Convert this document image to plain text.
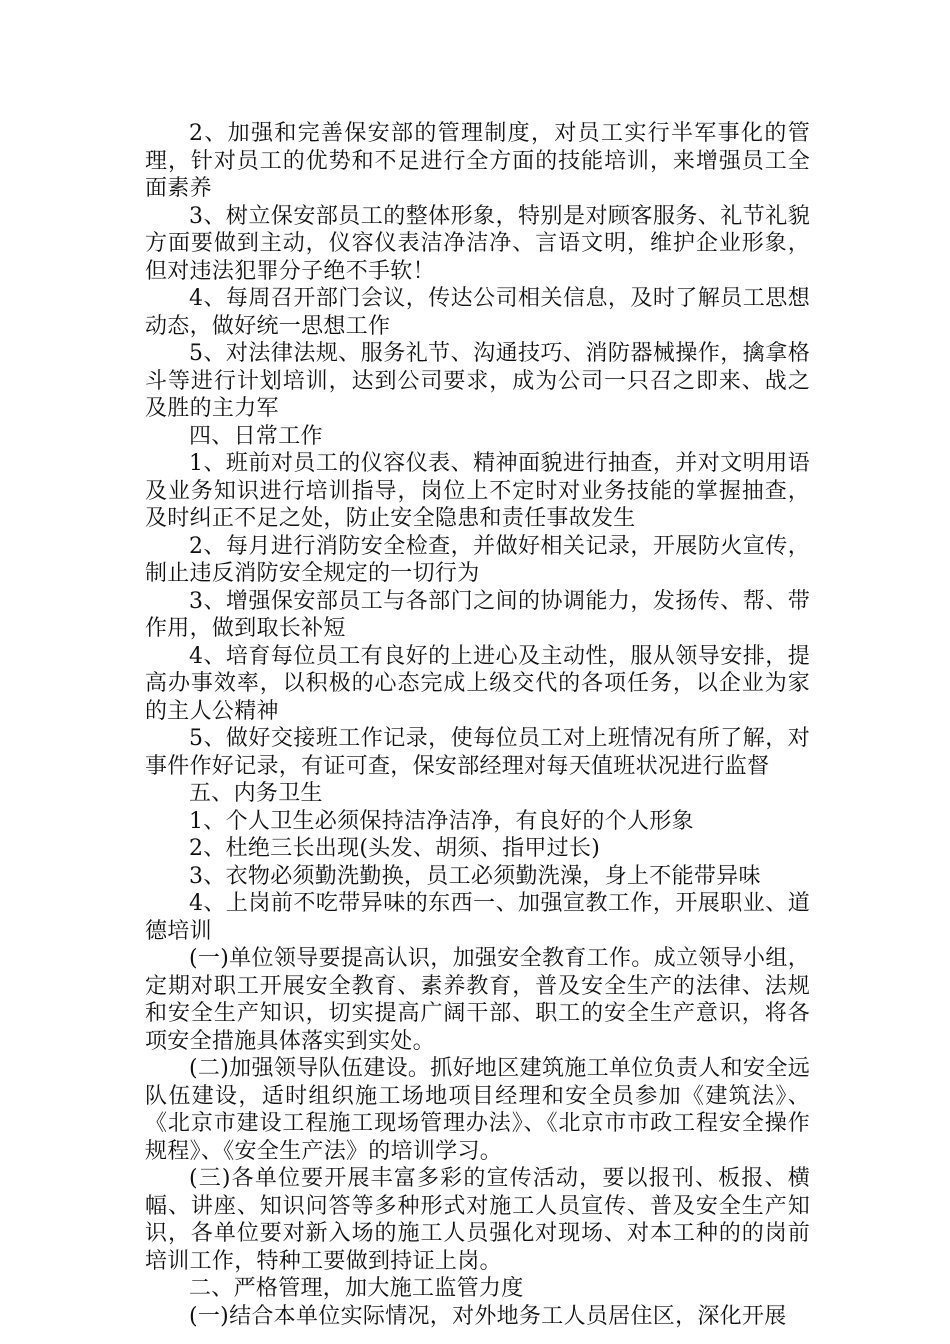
2、加强和完善保安部的管理制度，对员工实行半军事化的管理，针对员工的优势和不足进行全方面的技能培训，来增强员工全面素养

3、树立保安部员工的整体形象，特别是对顾客服务、礼节礼貌方面要做到主动，仪容仪表洁净洁净、言语文明，维护企业形象，但对违法犯罪分子绝不手软！

4、每周召开部门会议，传达公司相关信息，及时了解员工思想动态，做好统一思想工作

5、对法律法规、服务礼节、沟通技巧、消防器械操作，擒拿格斗等进行计划培训，达到公司要求，成为公司一只召之即来、战之及胜的主力军

四、日常工作

1、班前对员工的仪容仪表、精神面貌进行抽查，并对文明用语及业务知识进行培训指导，岗位上不定时对业务技能的掌握抽查，及时纠正不足之处，防止安全隐患和责任事故发生

2、每月进行消防安全检查，并做好相关记录，开展防火宣传，制止违反消防安全规定的一切行为

3、增强保安部员工与各部门之间的协调能力，发扬传、帮、带作用，做到取长补短

4、培育每位员工有良好的上进心及主动性，服从领导安排，提高办事效率，以积极的心态完成上级交代的各项任务，以企业为家的主人公精神

5、做好交接班工作记录，使每位员工对上班情况有所了解，对事件作好记录，有证可查，保安部经理对每天值班状况进行监督

五、内务卫生

1、个人卫生必须保持洁净洁净，有良好的个人形象

2、杜绝三长出现(头发、胡须、指甲过长)

3、衣物必须勤洗勤换，员工必须勤洗澡，身上不能带异味

4、上岗前不吃带异味的东西一、加强宣教工作，开展职业、道德培训

(一)单位领导要提高认识，加强安全教育工作。成立领导小组，定期对职工开展安全教育、素养教育，普及安全生产的法律、法规和安全生产知识，切实提高广阔干部、职工的安全生产意识，将各项安全措施具体落实到实处。

(二)加强领导队伍建设。抓好地区建筑施工单位负责人和安全远队伍建设，适时组织施工场地项目经理和安全员参加《建筑法》、《北京市建设工程施工现场管理办法》、《北京市市政工程安全操作规程》、《安全生产法》的培训学习。

(三)各单位要开展丰富多彩的宣传活动，要以报刊、板报、横幅、讲座、知识问答等多种形式对施工人员宣传、普及安全生产知识，各单位要对新入场的施工人员强化对现场、对本工种的的岗前培训工作，特种工要做到持证上岗。

二、严格管理，加大施工监管力度

(一)结合本单位实际情况，对外地务工人员居住区，深化开展
